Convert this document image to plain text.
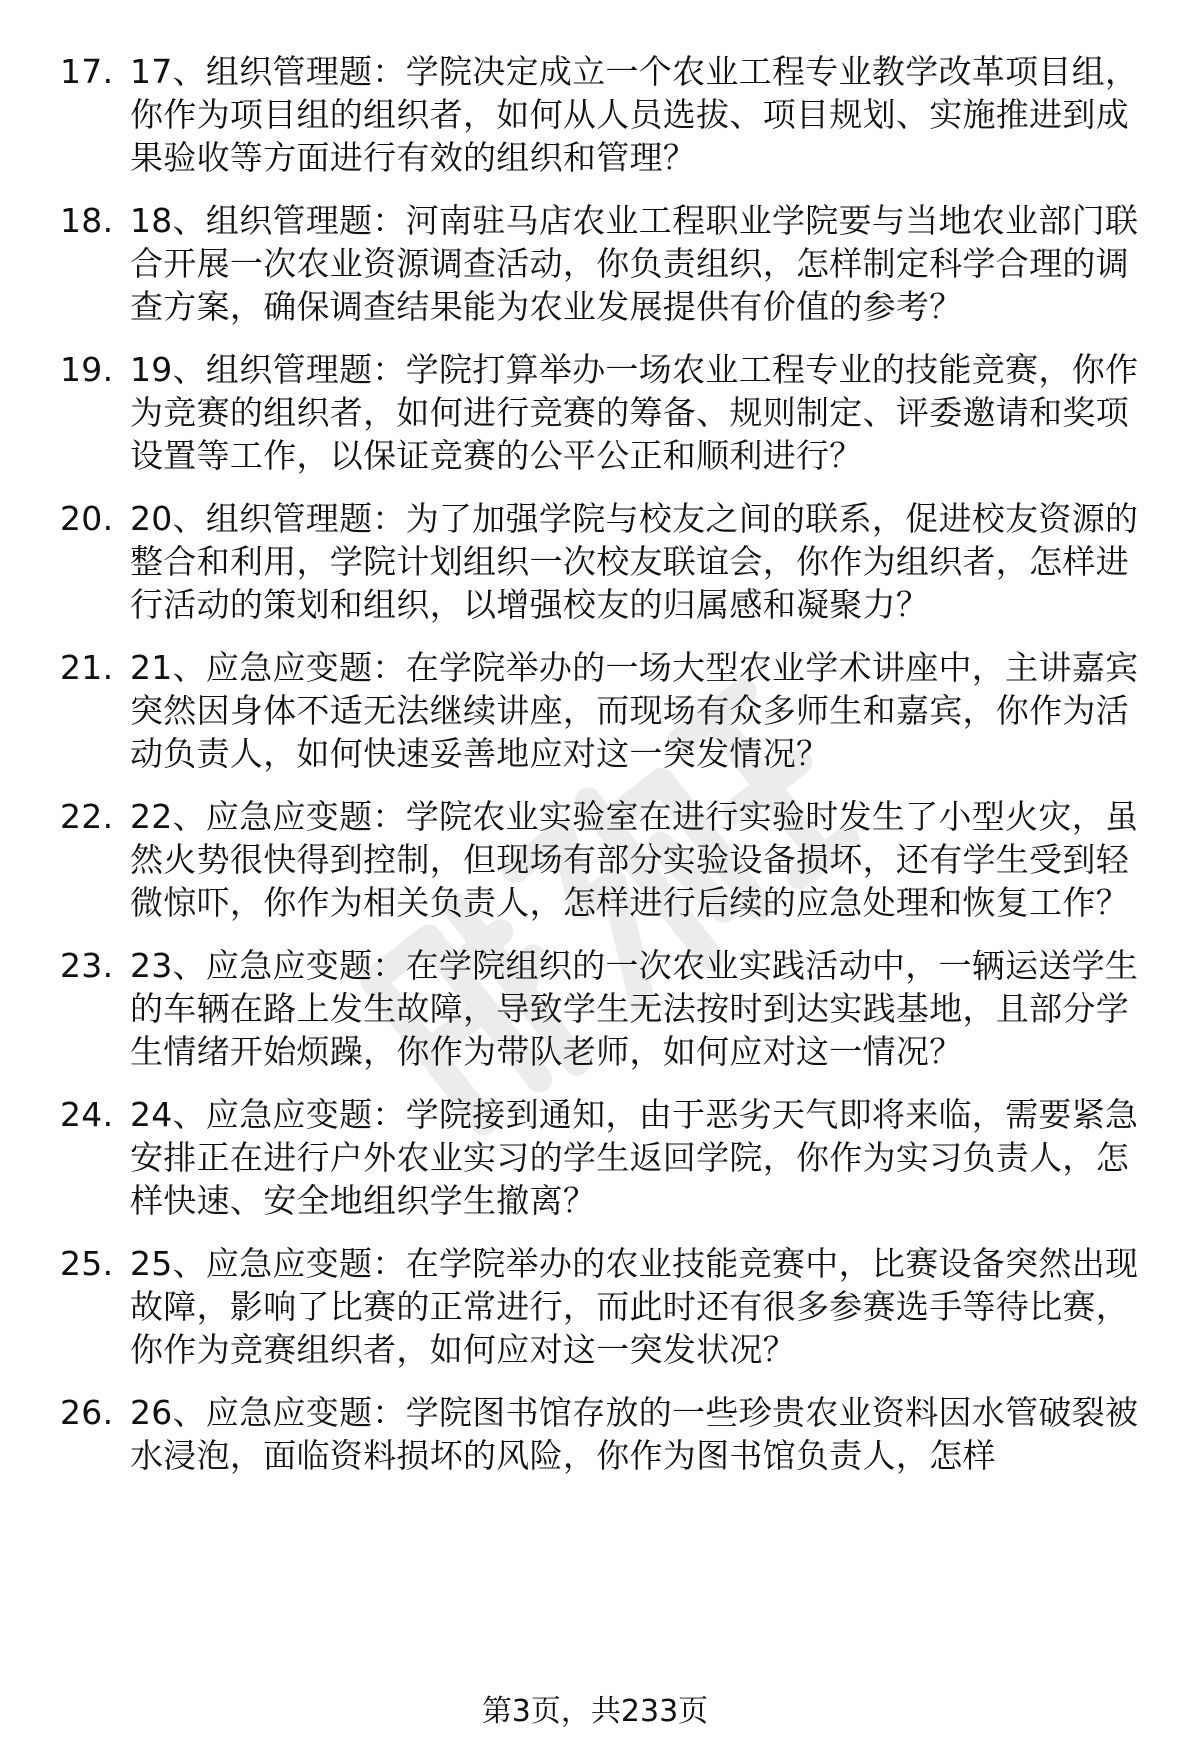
17. 17、组织管理题：学院决定成立一个农业工程专业教学改革项目组，你作为项目组的组织者，如何从人员选拔、项目规划、实施推进到成果验收等方面进行有效的组织和管理？
18. 18、组织管理题：河南驻马店农业工程职业学院要与当地农业部门联合开展一次农业资源调查活动，你负责组织，怎样制定科学合理的调查方案，确保调查结果能为农业发展提供有价值的参考？
19. 19、组织管理题：学院打算举办一场农业工程专业的技能竞赛，你作为竞赛的组织者，如何进行竞赛的筹备、规则制定、评委邀请和奖项设置等工作，以保证竞赛的公平公正和顺利进行？
20. 20、组织管理题：为了加强学院与校友之间的联系，促进校友资源的整合和利用，学院计划组织一次校友联谊会，你作为组织者，怎样进行活动的策划和组织，以增强校友的归属感和凝聚力？
21. 21、应急应变题：在学院举办的一场大型农业学术讲座中，主讲嘉宾突然因身体不适无法继续讲座，而现场有众多师生和嘉宾，你作为活动负责人，如何快速妥善地应对这一突发情况？
22. 22、应急应变题：学院农业实验室在进行实验时发生了小型火灾，虽然火势很快得到控制，但现场有部分实验设备损坏，还有学生受到轻微惊吓，你作为相关负责人，怎样进行后续的应急处理和恢复工作？
23. 23、应急应变题：在学院组织的一次农业实践活动中，一辆运送学生的车辆在路上发生故障，导致学生无法按时到达实践基地，且部分学生情绪开始烦躁，你作为带队老师，如何应对这一情况？
24. 24、应急应变题：学院接到通知，由于恶劣天气即将来临，需要紧急安排正在进行户外农业实习的学生返回学院，你作为实习负责人，怎样快速、安全地组织学生撤离？
25. 25、应急应变题：在学院举办的农业技能竞赛中，比赛设备突然出现故障，影响了比赛的正常进行，而此时还有很多参赛选手等待比赛，你作为竞赛组织者，如何应对这一突发状况？
26. 26、应急应变题：学院图书馆存放的一些珍贵农业资料因水管破裂被水浸泡，面临资料损坏的风险，你作为图书馆负责人，怎样
第3页，共233页
